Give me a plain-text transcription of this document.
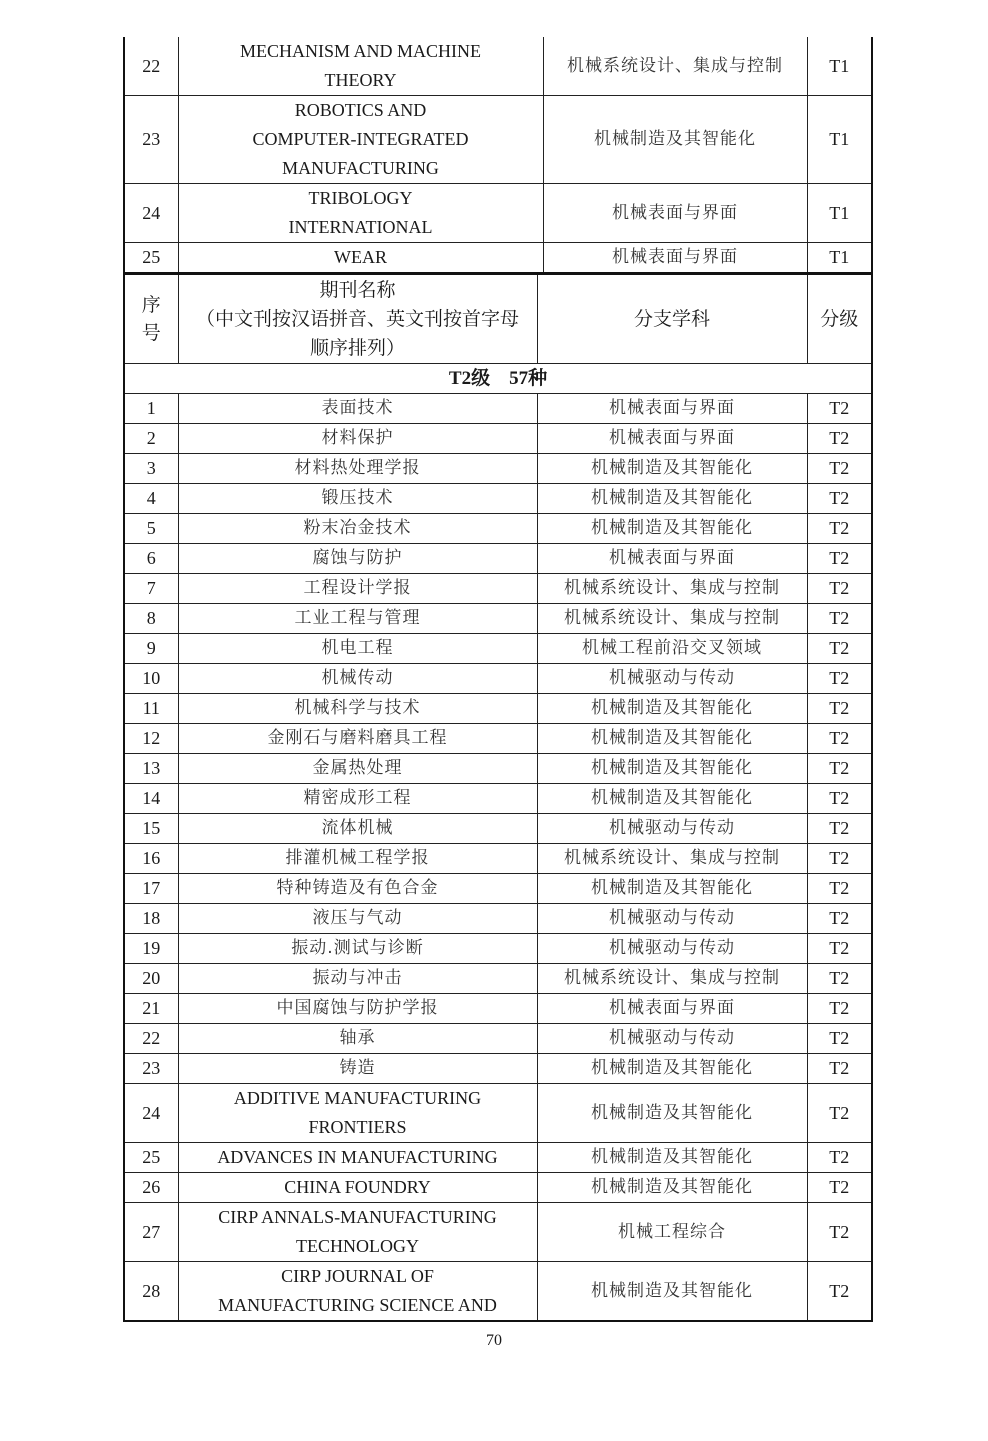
22	MECHANISM AND MACHINE
THEORY	机械系统设计、集成与控制	T1
23	ROBOTICS AND
COMPUTER-INTEGRATED
MANUFACTURING	机械制造及其智能化	T1
24	TRIBOLOGY
INTERNATIONAL	机械表面与界面	T1
25	WEAR	机械表面与界面	T1
序
号	期刊名称
（中文刊按汉语拼音、英文刊按首字母
顺序排列）	分支学科	分级
T2级　57种			
1	表面技术	机械表面与界面	T2
2	材料保护	机械表面与界面	T2
3	材料热处理学报	机械制造及其智能化	T2
4	锻压技术	机械制造及其智能化	T2
5	粉末冶金技术	机械制造及其智能化	T2
6	腐蚀与防护	机械表面与界面	T2
7	工程设计学报	机械系统设计、集成与控制	T2
8	工业工程与管理	机械系统设计、集成与控制	T2
9	机电工程	机械工程前沿交叉领域	T2
10	机械传动	机械驱动与传动	T2
11	机械科学与技术	机械制造及其智能化	T2
12	金刚石与磨料磨具工程	机械制造及其智能化	T2
13	金属热处理	机械制造及其智能化	T2
14	精密成形工程	机械制造及其智能化	T2
15	流体机械	机械驱动与传动	T2
16	排灌机械工程学报	机械系统设计、集成与控制	T2
17	特种铸造及有色合金	机械制造及其智能化	T2
18	液压与气动	机械驱动与传动	T2
19	振动.测试与诊断	机械驱动与传动	T2
20	振动与冲击	机械系统设计、集成与控制	T2
21	中国腐蚀与防护学报	机械表面与界面	T2
22	轴承	机械驱动与传动	T2
23	铸造	机械制造及其智能化	T2
24	ADDITIVE MANUFACTURING
FRONTIERS	机械制造及其智能化	T2
25	ADVANCES IN MANUFACTURING	机械制造及其智能化	T2
26	CHINA FOUNDRY	机械制造及其智能化	T2
27	CIRP ANNALS-MANUFACTURING
TECHNOLOGY	机械工程综合	T2
28	CIRP JOURNAL OF
MANUFACTURING SCIENCE AND	机械制造及其智能化	T2
70
